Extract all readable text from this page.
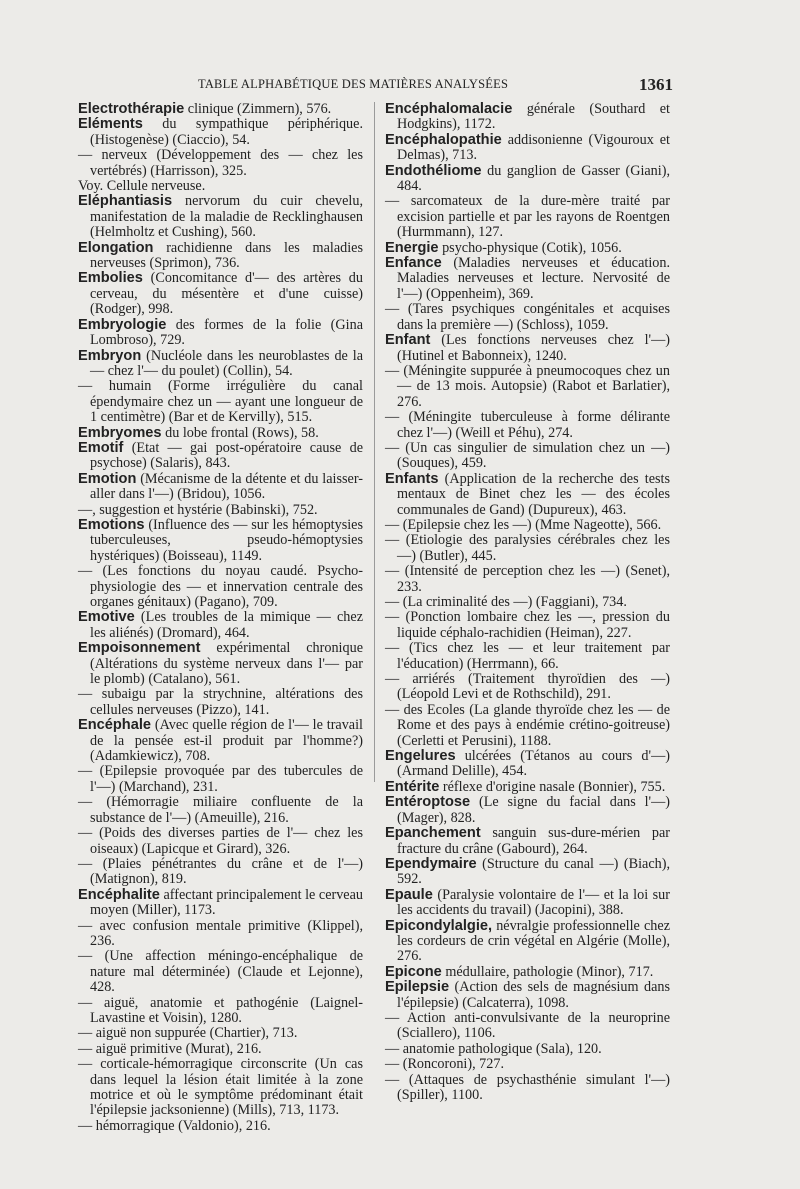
TABLE ALPHABÉTIQUE DES MATIÈRES ANALYSÉES	1361

Electrothérapie clinique (Zimmern), 576.

Eléments du sympathique périphérique. (Histogenèse) (Ciaccio), 54.

— nerveux (Développement des — chez les vertébrés) (Harrisson), 325.

Voy. Cellule nerveuse.

Eléphantiasis nervorum du cuir chevelu, manifestation de la maladie de Recklinghausen (Helmholtz et Cushing), 560.

Elongation rachidienne dans les maladies nerveuses (Sprimon), 736.

Embolies (Concomitance d'— des artères du cerveau, du mésentère et d'une cuisse) (Rodger), 998.

Embryologie des formes de la folie (Gina Lombroso), 729.

Embryon (Nucléole dans les neuroblastes de la — chez l'— du poulet) (Collin), 54.

— humain (Forme irrégulière du canal épendymaire chez un — ayant une longueur de 1 centimètre) (Bar et de Kervilly), 515.

Embryomes du lobe frontal (Rows), 58.

Emotif (Etat — gai post-opératoire cause de psychose) (Salaris), 843.

Emotion (Mécanisme de la détente et du laisser-aller dans l'—) (Bridou), 1056.

—, suggestion et hystérie (Babinski), 752.

Emotions (Influence des — sur les hémoptysies tuberculeuses, pseudo-hémoptysies hystériques) (Boisseau), 1149.

— (Les fonctions du noyau caudé. Psycho-physiologie des — et innervation centrale des organes génitaux) (Pagano), 709.

Emotive (Les troubles de la mimique — chez les aliénés) (Dromard), 464.

Empoisonnement expérimental chronique (Altérations du système nerveux dans l'— par le plomb) (Catalano), 561.

— subaigu par la strychnine, altérations des cellules nerveuses (Pizzo), 141.

Encéphale (Avec quelle région de l'— le travail de la pensée est-il produit par l'homme?) (Adamkiewicz), 708.

— (Epilepsie provoquée par des tubercules de l'—) (Marchand), 231.

— (Hémorragie miliaire confluente de la substance de l'—) (Ameuille), 216.

— (Poids des diverses parties de l'— chez les oiseaux) (Lapicque et Girard), 326.

— (Plaies pénétrantes du crâne et de l'—) (Matignon), 819.

Encéphalite affectant principalement le cerveau moyen (Miller), 1173.

— avec confusion mentale primitive (Klippel), 236.

— (Une affection méningo-encéphalique de nature mal déterminée) (Claude et Lejonne), 428.

— aiguë, anatomie et pathogénie (Laignel-Lavastine et Voisin), 1280.

— aiguë non suppurée (Chartier), 713.

— aiguë primitive (Murat), 216.

— corticale-hémorragique circonscrite (Un cas dans lequel la lésion était limitée à la zone motrice et où le symptôme prédominant était l'épilepsie jacksonienne) (Mills), 713, 1173.

— hémorragique (Valdonio), 216.

Encéphalomalacie générale (Southard et Hodgkins), 1172.

Encéphalopathie addisonienne (Vigouroux et Delmas), 713.

Endothéliome du ganglion de Gasser (Giani), 484.

— sarcomateux de la dure-mère traité par excision partielle et par les rayons de Roentgen (Hurmmann), 127.

Energie psycho-physique (Cotik), 1056.

Enfance (Maladies nerveuses et éducation. Maladies nerveuses et lecture. Nervosité de l'—) (Oppenheim), 369.

— (Tares psychiques congénitales et acquises dans la première —) (Schloss), 1059.

Enfant (Les fonctions nerveuses chez l'—) (Hutinel et Babonneix), 1240.

— (Méningite suppurée à pneumocoques chez un — de 13 mois. Autopsie) (Rabot et Barlatier), 276.

— (Méningite tuberculeuse à forme délirante chez l'—) (Weill et Péhu), 274.

— (Un cas singulier de simulation chez un —) (Souques), 459.

Enfants (Application de la recherche des tests mentaux de Binet chez les — des écoles communales de Gand) (Dupureux), 463.

— (Epilepsie chez les —) (Mme Nageotte), 566.

— (Etiologie des paralysies cérébrales chez les —) (Butler), 445.

— (Intensité de perception chez les —) (Senet), 233.

— (La criminalité des —) (Faggiani), 734.

— (Ponction lombaire chez les —, pression du liquide céphalo-rachidien (Heiman), 227.

— (Tics chez les — et leur traitement par l'éducation) (Herrmann), 66.

— arriérés (Traitement thyroïdien des —) (Léopold Levi et de Rothschild), 291.

— des Ecoles (La glande thyroïde chez les — de Rome et des pays à endémie crétino-goitreuse) (Cerletti et Perusini), 1188.

Engelures ulcérées (Tétanos au cours d'—) (Armand Delille), 454.

Entérite réflexe d'origine nasale (Bonnier), 755.

Entéroptose (Le signe du facial dans l'—) (Mager), 828.

Epanchement sanguin sus-dure-mérien par fracture du crâne (Gabourd), 264.

Ependymaire (Structure du canal —) (Biach), 592.

Epaule (Paralysie volontaire de l'— et la loi sur les accidents du travail) (Jacopini), 388.

Epicondylalgie, névralgie professionnelle chez les cordeurs de crin végétal en Algérie (Molle), 276.

Epicone médullaire, pathologie (Minor), 717.

Epilepsie (Action des sels de magnésium dans l'épilepsie) (Calcaterra), 1098.

— Action anti-convulsivante de la neuroprine (Sciallero), 1106.

— anatomie pathologique (Sala), 120.

— (Roncoroni), 727.

— (Attaques de psychasthénie simulant l'—) (Spiller), 1100.
